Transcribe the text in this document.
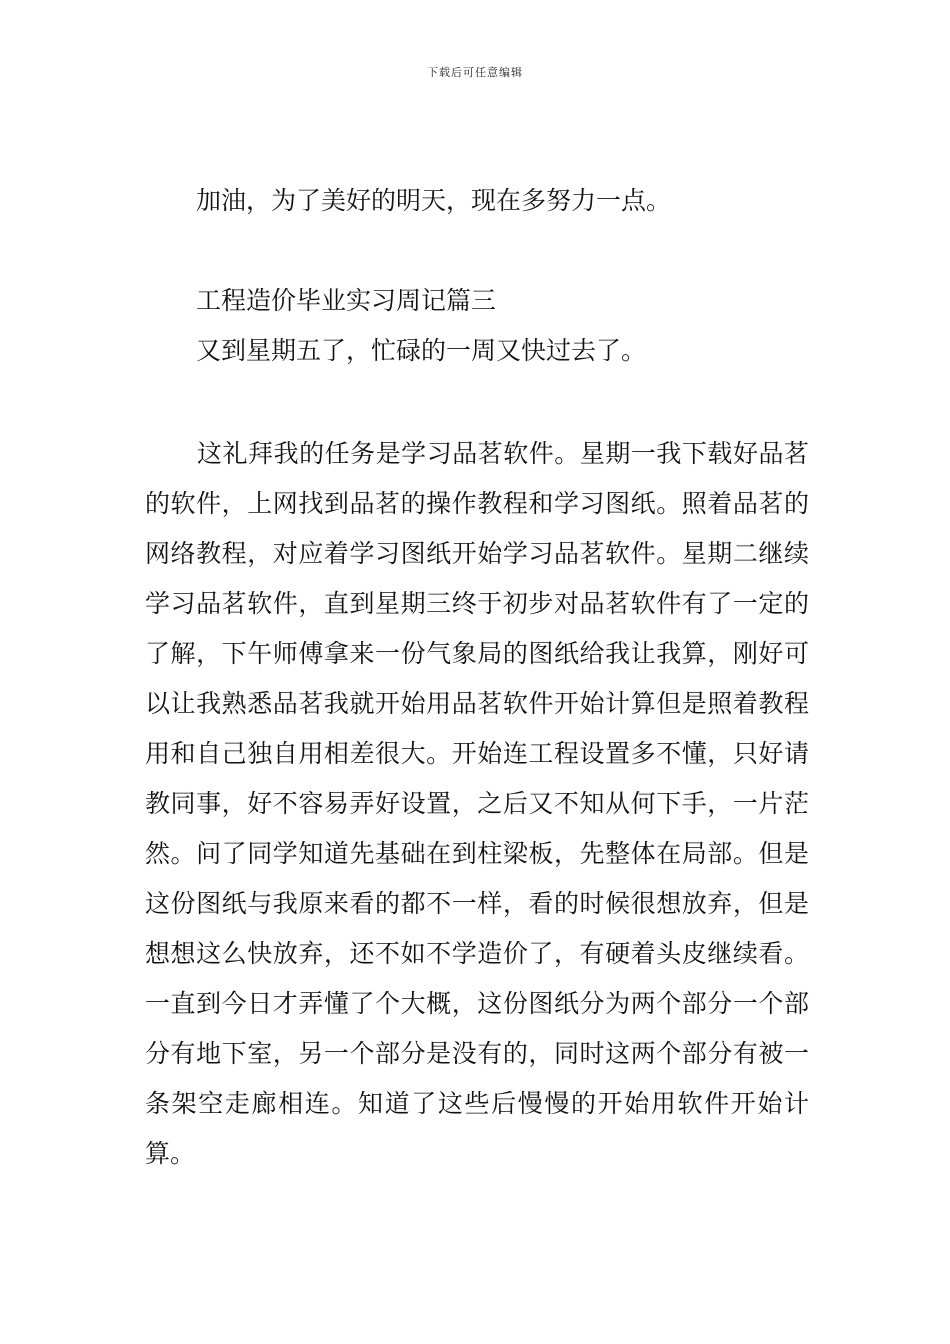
下载后可任意编辑
加油，为了美好的明天，现在多努力一点。
工程造价毕业实习周记篇三
又到星期五了，忙碌的一周又快过去了。

这礼拜我的任务是学习品茗软件。星期一我下载好品茗的软件，上网找到品茗的操作教程和学习图纸。照着品茗的网络教程，对应着学习图纸开始学习品茗软件。星期二继续学习品茗软件，直到星期三终于初步对品茗软件有了一定的了解，下午师傅拿来一份气象局的图纸给我让我算，刚好可以让我熟悉品茗我就开始用品茗软件开始计算但是照着教程用和自己独自用相差很大。开始连工程设置多不懂，只好请教同事，好不容易弄好设置，之后又不知从何下手，一片茫然。问了同学知道先基础在到柱梁板，先整体在局部。但是这份图纸与我原来看的都不一样，看的时候很想放弃，但是想想这么快放弃，还不如不学造价了，有硬着头皮继续看。一直到今日才弄懂了个大概，这份图纸分为两个部分一个部分有地下室，另一个部分是没有的，同时这两个部分有被一条架空走廊相连。知道了这些后慢慢的开始用软件开始计算。
